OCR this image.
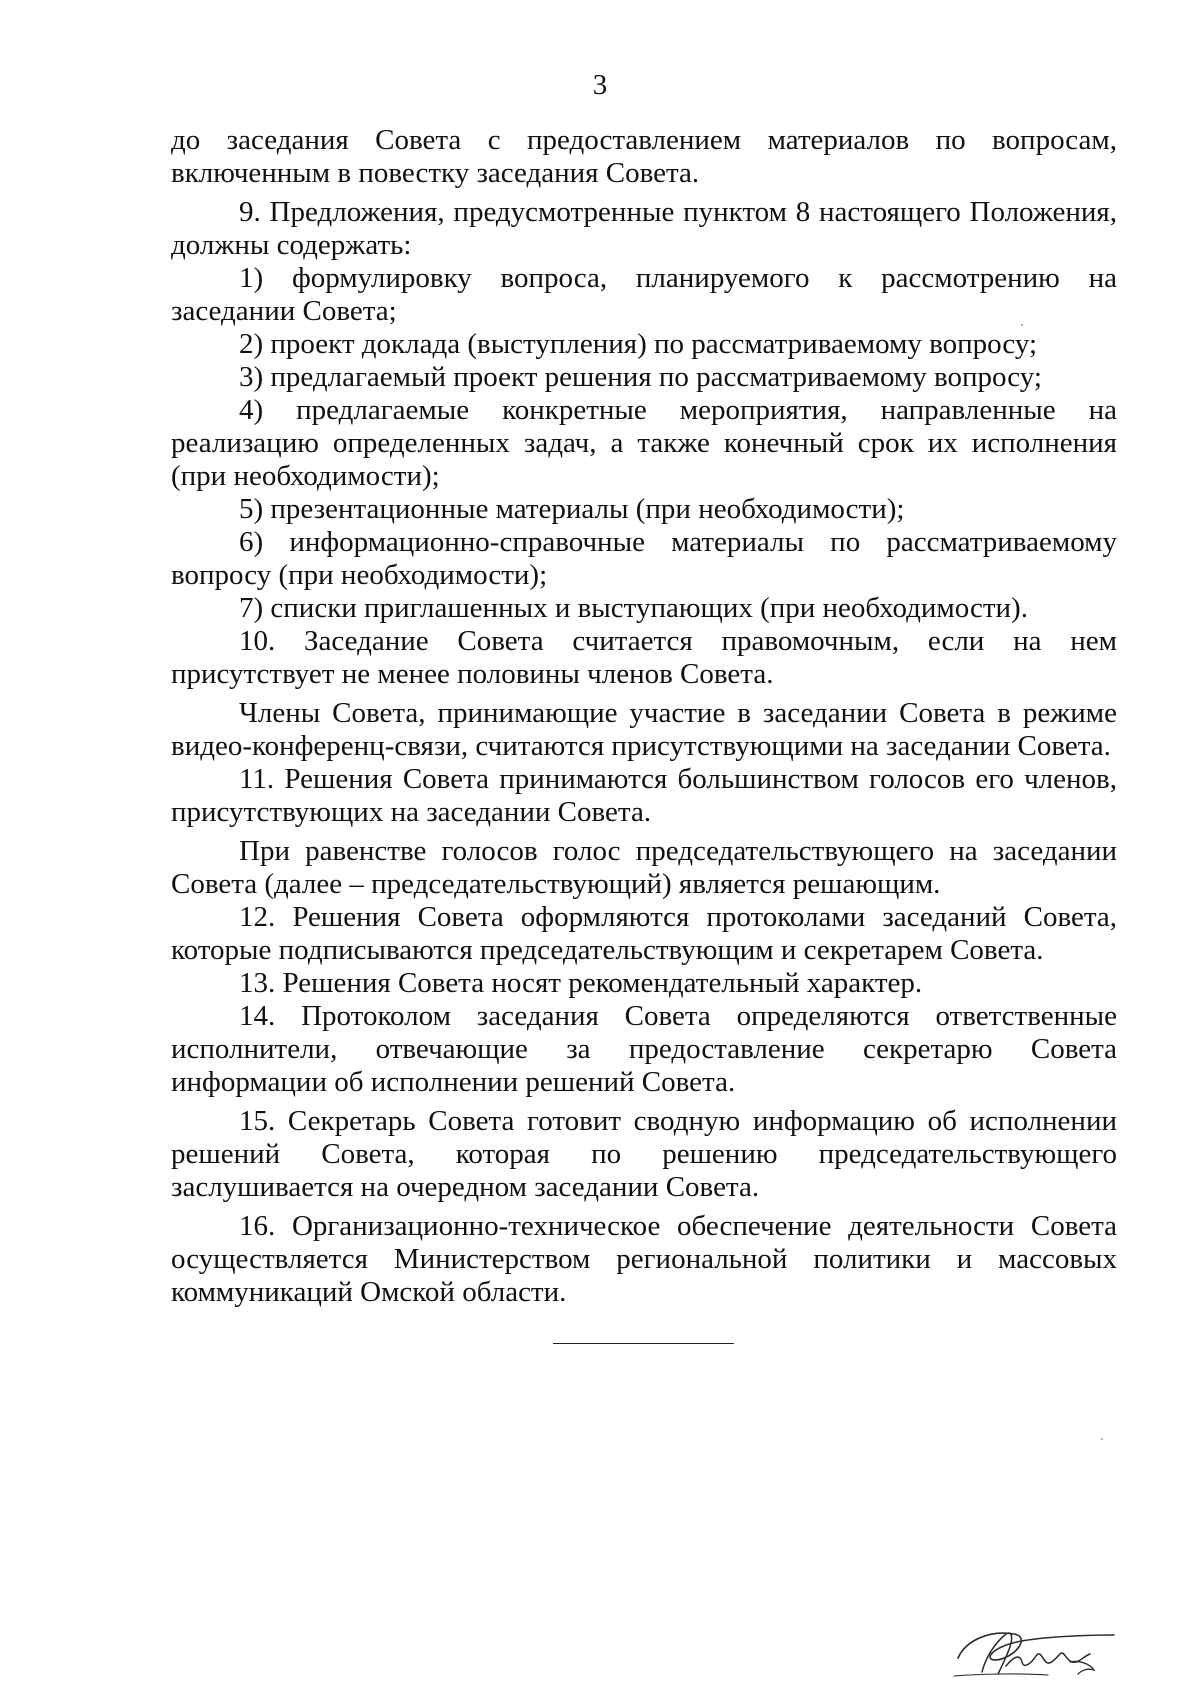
3

до заседания Совета с предоставлением материалов по вопросам, включенным в повестку заседания Совета.

9. Предложения, предусмотренные пунктом 8 настоящего Положения, должны содержать:

1) формулировку вопроса, планируемого к рассмотрению на заседании Совета;

2) проект доклада (выступления) по рассматриваемому вопросу;

3) предлагаемый проект решения по рассматриваемому вопросу;

4) предлагаемые конкретные мероприятия, направленные на реализацию определенных задач, а также конечный срок их исполнения (при необходимости);

5) презентационные материалы (при необходимости);

6) информационно-справочные материалы по рассматриваемому вопросу (при необходимости);

7) списки приглашенных и выступающих (при необходимости).

10. Заседание Совета считается правомочным, если на нем присутствует не менее половины членов Совета.

Члены Совета, принимающие участие в заседании Совета в режиме видео-конференц-связи, считаются присутствующими на заседании Совета.

11. Решения Совета принимаются большинством голосов его членов, присутствующих на заседании Совета.

При равенстве голосов голос председательствующего на заседании Совета (далее – председательствующий) является решающим.

12. Решения Совета оформляются протоколами заседаний Совета, которые подписываются председательствующим и секретарем Совета.

13. Решения Совета носят рекомендательный характер.

14. Протоколом заседания Совета определяются ответственные исполнители, отвечающие за предоставление секретарю Совета информации об исполнении решений Совета.

15. Секретарь Совета готовит сводную информацию об исполнении решений Совета, которая по решению председательствующего заслушивается на очередном заседании Совета.

16. Организационно-техническое обеспечение деятельности Совета осуществляется Министерством региональной политики и массовых коммуникаций Омской области.
